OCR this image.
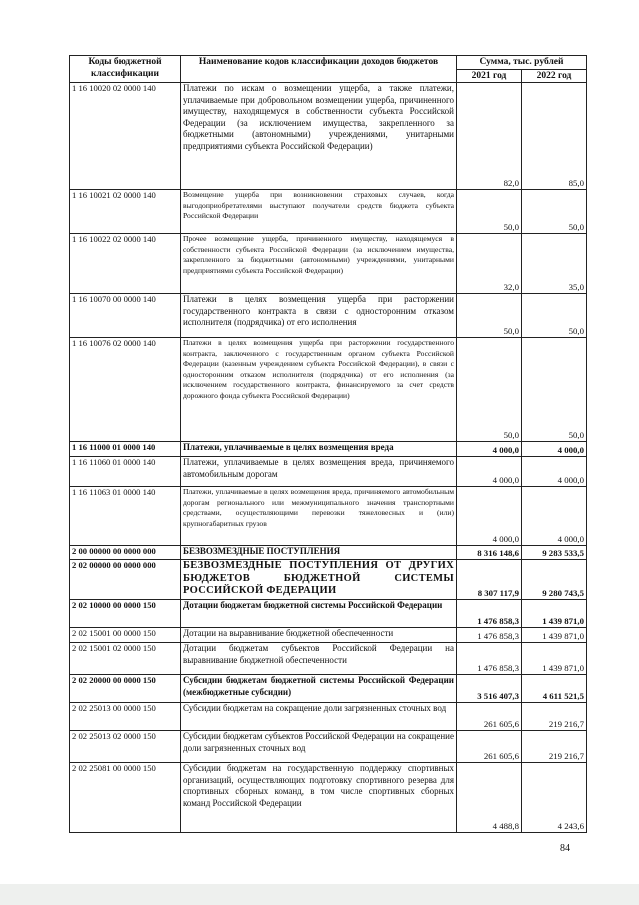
Коды бюджетной классификации	Наименование кодов классификации доходов бюджетов	Сумма, тыс. рублей	
		2021 год	2022 год
1 16 10020 02 0000 140	Платежи по искам о возмещении ущерба, а также платежи, уплачиваемые при добровольном возмещении ущерба, причиненного имуществу, находящемуся в собственности субъекта Российской Федерации (за исключением имущества, закрепленного за бюджетными (автономными) учреждениями, унитарными предприятиями субъекта Российской Федерации)	82,0	85,0
1 16 10021 02 0000 140	Возмещение ущерба при возникновении страховых случаев, когда выгодоприобретателями выступают получатели средств бюджета субъекта Российской Федерации	50,0	50,0
1 16 10022 02 0000 140	Прочее возмещение ущерба, причиненного имуществу, находящемуся в собственности субъекта Российской Федерации (за исключением имущества, закрепленного за бюджетными (автономными) учреждениями, унитарными предприятиями субъекта Российской Федерации)	32,0	35,0
1 16 10070 00 0000 140	Платежи в целях возмещения ущерба при расторжении государственного контракта в связи с односторонним отказом исполнителя (подрядчика) от его исполнения	50,0	50,0
1 16 10076 02 0000 140	Платежи в целях возмещения ущерба при расторжении государственного контракта, заключенного с государственным органом субъекта Российской Федерации (казенным учреждением субъекта Российской Федерации), в связи с односторонним отказом исполнителя (подрядчика) от его исполнения (за исключением государственного контракта, финансируемого за счет средств дорожного фонда субъекта Российской Федерации)	50,0	50,0
1 16 11000 01 0000 140	Платежи, уплачиваемые в целях возмещения вреда	4 000,0	4 000,0
1 16 11060 01 0000 140	Платежи, уплачиваемые в целях возмещения вреда, причиняемого автомобильным дорогам	4 000,0	4 000,0
1 16 11063 01 0000 140	Платежи, уплачиваемые в целях возмещения вреда, причиняемого автомобильным дорогам регионального или межмуниципального значения транспортными средствами, осуществляющими перевозки тяжеловесных и (или) крупногабаритных грузов	4 000,0	4 000,0
2 00 00000 00 0000 000	БЕЗВОЗМЕЗДНЫЕ ПОСТУПЛЕНИЯ	8 316 148,6	9 283 533,5
2 02 00000 00 0000 000	БЕЗВОЗМЕЗДНЫЕ ПОСТУПЛЕНИЯ ОТ ДРУГИХ БЮДЖЕТОВ БЮДЖЕТНОЙ СИСТЕМЫ РОССИЙСКОЙ ФЕДЕРАЦИИ	8 307 117,9	9 280 743,5
2 02 10000 00 0000 150	Дотации бюджетам бюджетной системы Российской Федерации	1 476 858,3	1 439 871,0
2 02 15001 00 0000 150	Дотации на выравнивание бюджетной обеспеченности	1 476 858,3	1 439 871,0
2 02 15001 02 0000 150	Дотации бюджетам субъектов Российской Федерации на выравнивание бюджетной обеспеченности	1 476 858,3	1 439 871,0
2 02 20000 00 0000 150	Субсидии бюджетам бюджетной системы Российской Федерации (межбюджетные субсидии)	3 516 407,3	4 611 521,5
2 02 25013 00 0000 150	Субсидии бюджетам на сокращение доли загрязненных сточных вод	261 605,6	219 216,7
2 02 25013 02 0000 150	Субсидии бюджетам субъектов Российской Федерации на сокращение доли загрязненных сточных вод	261 605,6	219 216,7
2 02 25081 00 0000 150	Субсидии бюджетам на государственную поддержку спортивных организаций, осуществляющих подготовку спортивного резерва для спортивных сборных команд, в том числе спортивных сборных команд Российской Федерации	4 488,8	4 243,6
84
